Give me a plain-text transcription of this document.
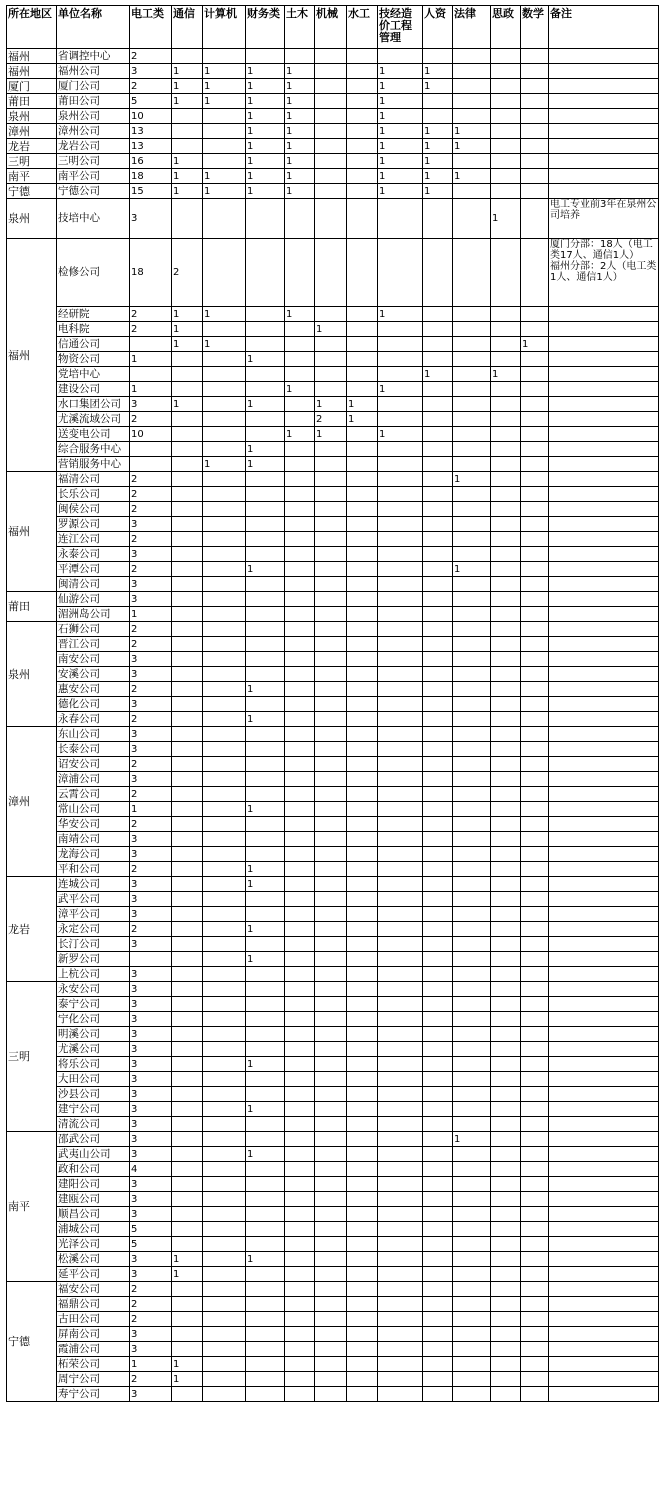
所在地区	单位名称	电工类	通信	计算机	财务类	土木	机械	水工	技经造价工程管理	人资	法律	思政	数学	备注
福州	省调控中心	2												
福州	福州公司	3	1	1	1	1			1	1				
厦门	厦门公司	2	1	1	1	1			1	1				
莆田	莆田公司	5	1	1	1	1			1					
泉州	泉州公司	10			1	1			1					
漳州	漳州公司	13			1	1			1	1	1			
龙岩	龙岩公司	13			1	1			1	1	1			
三明	三明公司	16	1		1	1			1	1				
南平	南平公司	18	1	1	1	1			1	1	1			
宁德	宁德公司	15	1	1	1	1			1	1				
泉州	技培中心	3										1		电工专业前3年在泉州公司培养
福州	检修公司	18	2											厦门分部：18人（电工类17人、通信1人）
福州分部：2人（电工类1人、通信1人）
	经研院	2	1	1		1			1					
	电科院	2	1				1							
	信通公司		1	1									1	
	物资公司	1			1									
	党培中心									1		1		
	建设公司	1				1			1					
	水口集团公司	3	1		1		1	1						
	尤溪流域公司	2					2	1						
	送变电公司	10				1	1		1					
	综合服务中心				1									
	营销服务中心			1	1									
福州	福清公司	2									1			
	长乐公司	2												
	闽侯公司	2												
	罗源公司	3												
	连江公司	2												
	永泰公司	3												
	平潭公司	2			1						1			
	闽清公司	3												
莆田	仙游公司	3												
	湄洲岛公司	1												
泉州	石狮公司	2												
	晋江公司	2												
	南安公司	3												
	安溪公司	3												
	惠安公司	2			1									
	德化公司	3												
	永春公司	2			1									
漳州	东山公司	3												
	长泰公司	3												
	诏安公司	2												
	漳浦公司	3												
	云霄公司	2												
	常山公司	1			1									
	华安公司	2												
	南靖公司	3												
	龙海公司	3												
	平和公司	2			1									
龙岩	连城公司	3			1									
	武平公司	3												
	漳平公司	3												
	永定公司	2			1									
	长汀公司	3												
	新罗公司				1									
	上杭公司	3												
三明	永安公司	3												
	泰宁公司	3												
	宁化公司	3												
	明溪公司	3												
	尤溪公司	3												
	将乐公司	3			1									
	大田公司	3												
	沙县公司	3												
	建宁公司	3			1									
	清流公司	3												
南平	邵武公司	3									1			
	武夷山公司	3			1									
	政和公司	4												
	建阳公司	3												
	建瓯公司	3												
	顺昌公司	3												
	浦城公司	5												
	光泽公司	5												
	松溪公司	3	1		1									
	延平公司	3	1											
宁德	福安公司	2												
	福鼎公司	2												
	古田公司	2												
	屏南公司	3												
	霞浦公司	3												
	柘荣公司	1	1											
	周宁公司	2	1											
	寿宁公司	3												
